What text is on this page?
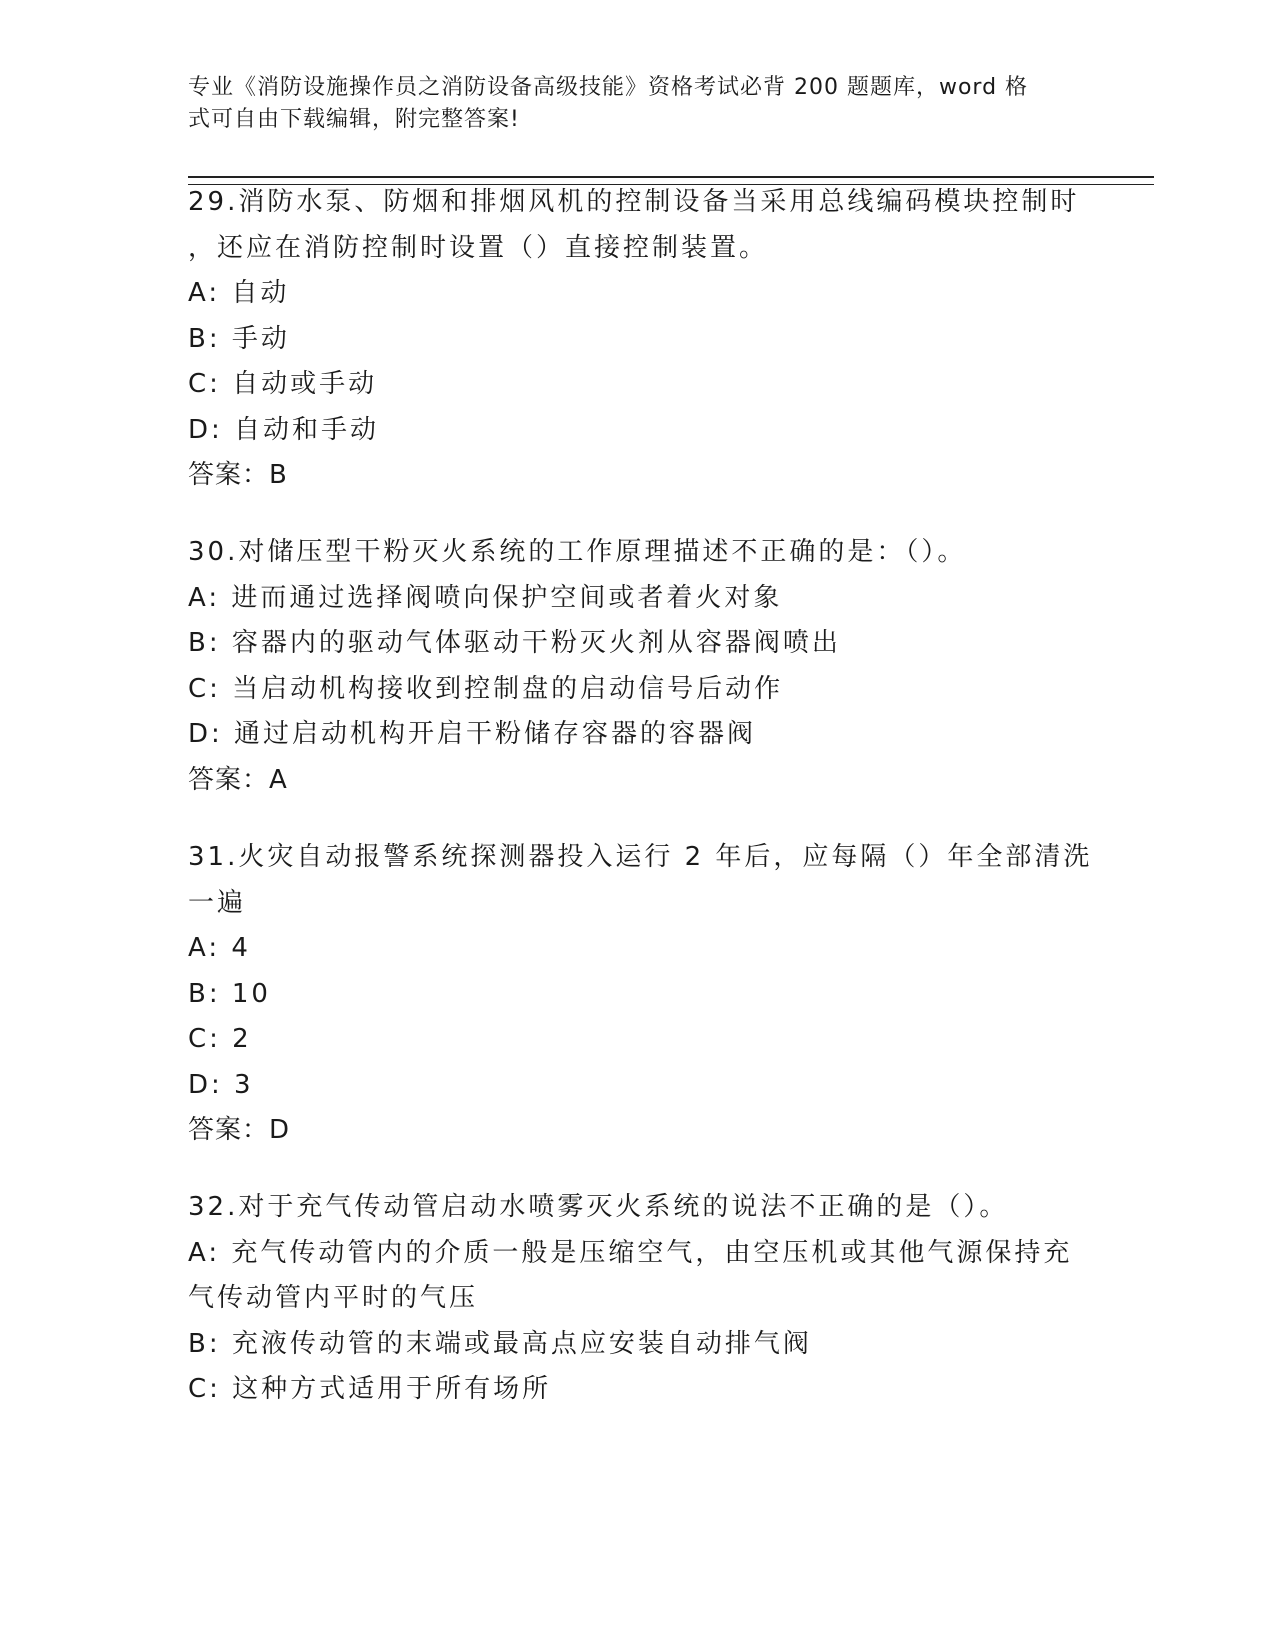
专业《消防设施操作员之消防设备高级技能》资格考试必背 200 题题库，word 格
式可自由下载编辑，附完整答案!
29.消防水泵、防烟和排烟风机的控制设备当采用总线编码模块控制时
，还应在消防控制时设置（）直接控制装置。
A: 自动
B: 手动
C: 自动或手动
D: 自动和手动
答案：B
30.对储压型干粉灭火系统的工作原理描述不正确的是：（）。
A: 进而通过选择阀喷向保护空间或者着火对象
B: 容器内的驱动气体驱动干粉灭火剂从容器阀喷出
C: 当启动机构接收到控制盘的启动信号后动作
D: 通过启动机构开启干粉储存容器的容器阀
答案：A
31.火灾自动报警系统探测器投入运行 2 年后，应每隔（）年全部清洗
一遍
A: 4
B: 10
C: 2
D: 3
答案：D
32.对于充气传动管启动水喷雾灭火系统的说法不正确的是（）。
A: 充气传动管内的介质一般是压缩空气，由空压机或其他气源保持充
气传动管内平时的气压
B: 充液传动管的末端或最高点应安装自动排气阀
C: 这种方式适用于所有场所
